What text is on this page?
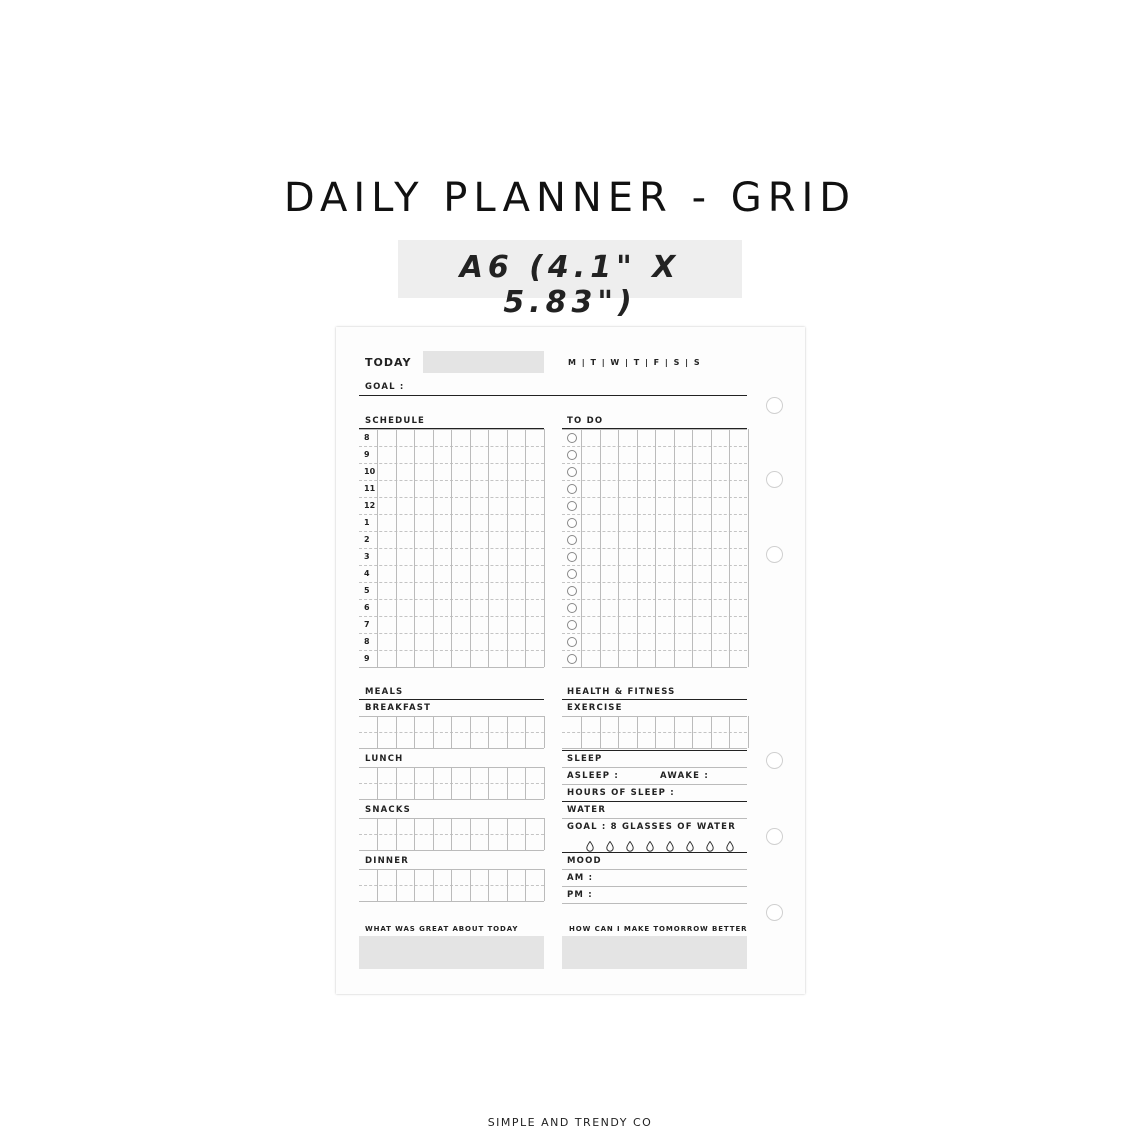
DAILY PLANNER - GRID
A6 (4.1" X 5.83")
TODAY	M | T | W | T | F | S | S
GOAL :
SCHEDULE
8
9
10
11
12
1
2
3
4
5
6
7
8
9
TO DO
MEALS
BREAKFAST
LUNCH
SNACKS
DINNER
HEALTH & FITNESS
EXERCISE
SLEEP
ASLEEP :	AWAKE :
HOURS OF SLEEP :
WATER
GOAL : 8 GLASSES OF WATER
MOOD
AM :
PM :
WHAT WAS GREAT ABOUT TODAY	HOW CAN I MAKE TOMORROW BETTER
SIMPLE AND TRENDY CO
